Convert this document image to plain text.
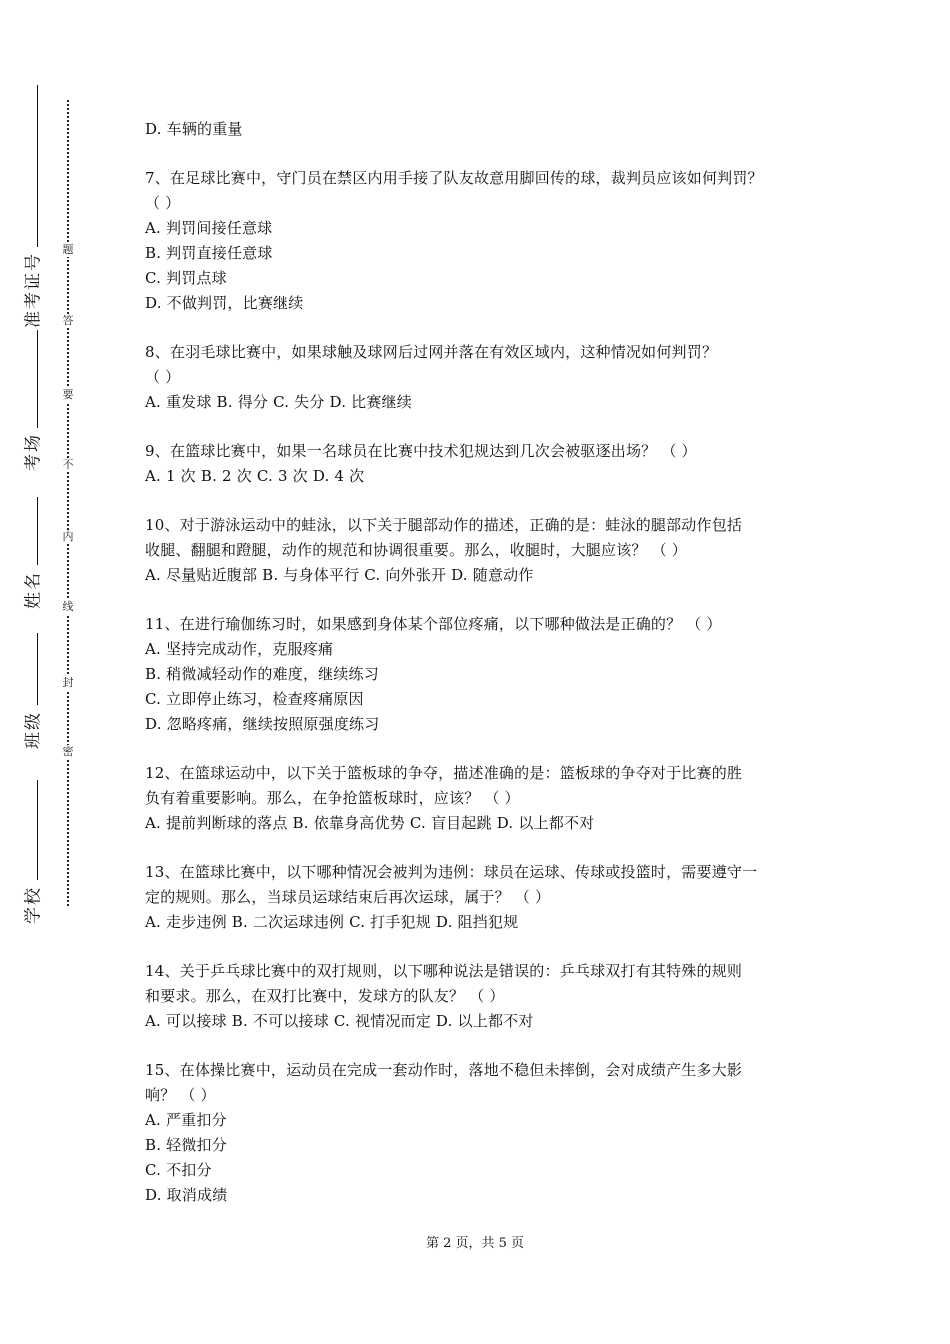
号
证
考
准
场
考
名
姓
级
班
校
学
密
封
线
内
不
要
答
题

D. 车辆的重量

7、在足球比赛中，守门员在禁区内用手接了队友故意用脚回传的球，裁判员应该如何判罚？

（ ）

A. 判罚间接任意球

B. 判罚直接任意球

C. 判罚点球

D. 不做判罚，比赛继续

8、在羽毛球比赛中，如果球触及球网后过网并落在有效区域内，这种情况如何判罚？

（ ）

A. 重发球 B. 得分 C. 失分 D. 比赛继续

9、在篮球比赛中，如果一名球员在比赛中技术犯规达到几次会被驱逐出场？ （ ）

A. 1 次 B. 2 次 C. 3 次 D. 4 次

10、对于游泳运动中的蛙泳，以下关于腿部动作的描述，正确的是：蛙泳的腿部动作包括

收腿、翻腿和蹬腿，动作的规范和协调很重要。那么，收腿时，大腿应该？ （ ）

A. 尽量贴近腹部 B. 与身体平行 C. 向外张开 D. 随意动作

11、在进行瑜伽练习时，如果感到身体某个部位疼痛，以下哪种做法是正确的？ （ ）

A. 坚持完成动作，克服疼痛

B. 稍微减轻动作的难度，继续练习

C. 立即停止练习，检查疼痛原因

D. 忽略疼痛，继续按照原强度练习

12、在篮球运动中，以下关于篮板球的争夺，描述准确的是：篮板球的争夺对于比赛的胜

负有着重要影响。那么，在争抢篮板球时，应该？ （ ）

A. 提前判断球的落点 B. 依靠身高优势 C. 盲目起跳 D. 以上都不对

13、在篮球比赛中，以下哪种情况会被判为违例：球员在运球、传球或投篮时，需要遵守一

定的规则。那么，当球员运球结束后再次运球，属于？ （ ）

A. 走步违例 B. 二次运球违例 C. 打手犯规 D. 阻挡犯规

14、关于乒乓球比赛中的双打规则，以下哪种说法是错误的：乒乓球双打有其特殊的规则

和要求。那么，在双打比赛中，发球方的队友？ （ ）

A. 可以接球 B. 不可以接球 C. 视情况而定 D. 以上都不对

15、在体操比赛中，运动员在完成一套动作时，落地不稳但未摔倒，会对成绩产生多大影

响？ （ ）

A. 严重扣分

B. 轻微扣分

C. 不扣分

D. 取消成绩

第 2 页，共 5 页
